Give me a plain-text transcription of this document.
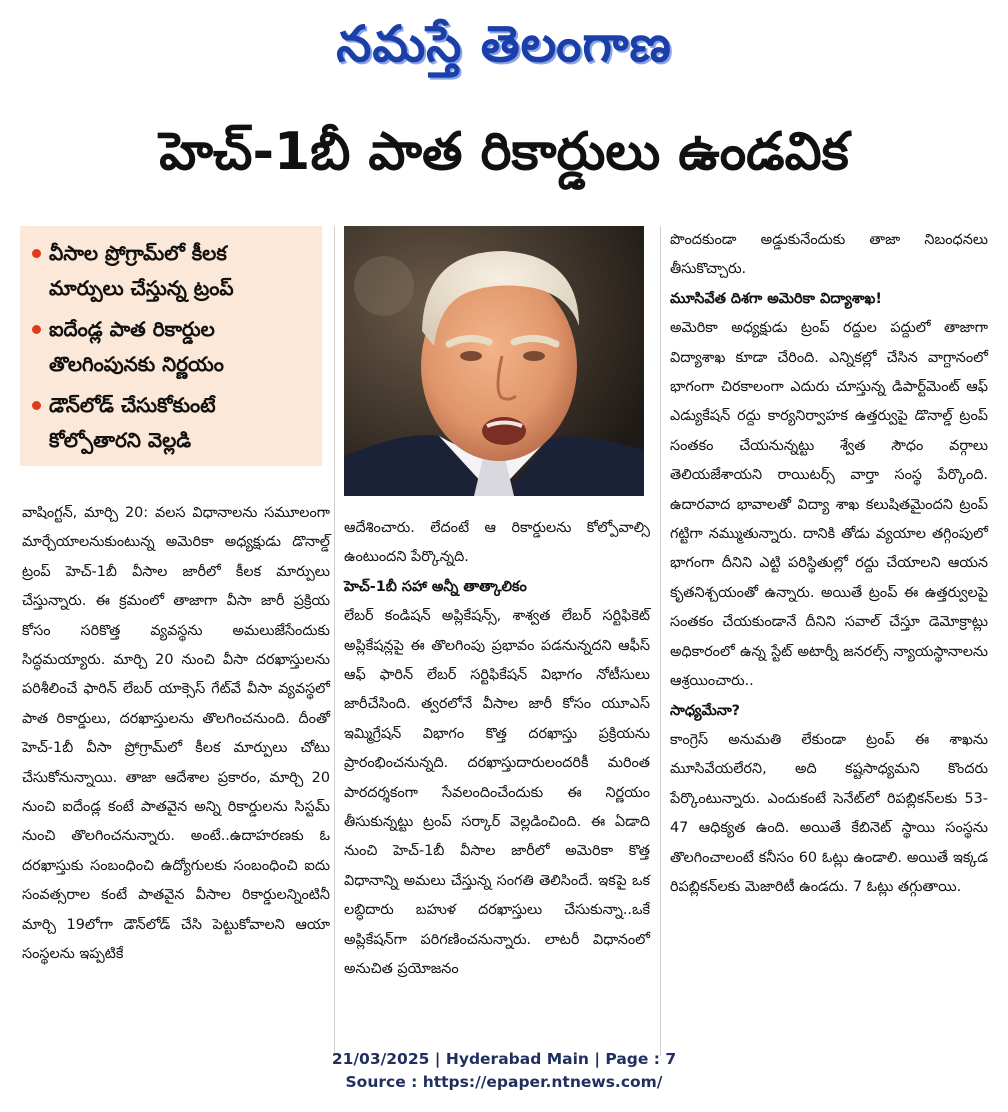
నమస్తే తెలంగాణ
హెచ్-1బీ పాత రికార్డులు ఉండవిక
వీసాల ప్రోగ్రామ్‌లో కీలక
మార్పులు చేస్తున్న ట్రంప్
ఐదేండ్ల పాత రికార్డుల
తొలగింపునకు నిర్ణయం
డౌన్‌లోడ్ చేసుకోకుంటే
కోల్పోతారని వెల్లడి
వాషింగ్టన్, మార్చి 20: వలస విధానాలను సమూలంగా మార్చేయాలనుకుంటున్న అమెరికా అధ్యక్షుడు డొనాల్డ్ ట్రంప్ హెచ్-1బీ వీసాల జారీలో కీలక మార్పులు చేస్తున్నారు. ఈ క్రమంలో తాజాగా వీసా జారీ ప్రక్రియ కోసం సరికొత్త వ్యవస్థను అమలుజేసేందుకు సిద్ధమయ్యారు. మార్చి 20 నుంచి వీసా దరఖాస్తులను పరిశీలించే ఫారిన్ లేబర్ యాక్సెస్ గేట్‌వే వీసా వ్యవస్థలో పాత రికార్డులు, దరఖాస్తులను తొలగించనుంది. దీంతో హెచ్-1బీ వీసా ప్రోగ్రామ్‌లో కీలక మార్పులు చోటు చేసుకోనున్నాయి. తాజా ఆదేశాల ప్రకారం, మార్చి 20 నుంచి ఐదేండ్ల కంటే పాతవైన అన్ని రికార్డులను సిస్టమ్ నుంచి తొలగించనున్నారు. అంటే..ఉదాహరణకు ఓ దరఖాస్తుకు సంబంధించి ఉద్యోగులకు సంబంధించి ఐదు సంవత్సరాల కంటే పాతవైన వీసాల రికార్డులన్నింటినీ మార్చి 19లోగా డౌన్‌లోడ్ చేసి పెట్టుకోవాలని ఆయా సంస్థలను ఇప్పటికే
ఆదేశించారు. లేదంటే ఆ రికార్డులను కోల్పోవాల్సి ఉంటుందని పేర్కొన్నది.
హెచ్-1బీ సహా అన్నీ తాత్కాలికం
లేబర్ కండిషన్ అప్లికేషన్స్, శాశ్వత లేబర్ సర్టిఫికెట్ అప్లికేషన్లపై ఈ తొలగింపు ప్రభావం పడనున్నదని ఆఫీస్ ఆఫ్ ఫారిన్ లేబర్ సర్టిఫికేషన్ విభాగం నోటీసులు జారీచేసింది. త్వరలోనే వీసాల జారీ కోసం యూఎస్ ఇమ్మిగ్రేషన్ విభాగం కొత్త దరఖాస్తు ప్రక్రియను ప్రారంభించనున్నది. దరఖాస్తుదారులందరికీ మరింత పారదర్శకంగా సేవలందించేందుకు ఈ నిర్ణయం తీసుకున్నట్టు ట్రంప్ సర్కార్ వెల్లడించింది. ఈ ఏడాది నుంచి హెచ్-1బీ వీసాల జారీలో అమెరికా కొత్త విధానాన్ని అమలు చేస్తున్న సంగతి తెలిసిందే. ఇకపై ఒక లబ్ధిదారు బహుళ దరఖాస్తులు చేసుకున్నా..ఒకే అప్లికేషన్‌గా పరిగణించనున్నారు. లాటరీ విధానంలో అనుచిత ప్రయోజనం
పొందకుండా అడ్డుకునేందుకు తాజా నిబంధనలు తీసుకొచ్చారు.
మూసివేత దిశగా అమెరికా విద్యాశాఖ!
అమెరికా అధ్యక్షుడు ట్రంప్ రద్దుల పద్దులో తాజాగా విద్యాశాఖ కూడా చేరింది. ఎన్నికల్లో చేసిన వాగ్దానంలో భాగంగా చిరకాలంగా ఎదురు చూస్తున్న డిపార్ట్‌మెంట్ ఆఫ్ ఎడ్యుకేషన్ రద్దు కార్యనిర్వాహక ఉత్తర్వుపై డొనాల్డ్ ట్రంప్ సంతకం చేయనున్నట్టు శ్వేత సౌధం వర్గాలు తెలియజేశాయని రాయిటర్స్ వార్తా సంస్థ పేర్కొంది. ఉదారవాద భావాలతో విద్యా శాఖ కలుషితమైందని ట్రంప్ గట్టిగా నమ్ముతున్నారు. దానికి తోడు వ్యయాల తగ్గింపులో భాగంగా దీనిని ఎట్టి పరిస్థితుల్లో రద్దు చేయాలని ఆయన కృతనిశ్చయంతో ఉన్నారు. అయితే ట్రంప్ ఈ ఉత్తర్వులపై సంతకం చేయకుండానే దీనిని సవాల్ చేస్తూ డెమోక్రాట్లు అధికారంలో ఉన్న స్టేట్ అటార్నీ జనరల్స్ న్యాయస్థానాలను ఆశ్రయించారు..
సాధ్యమేనా?
కాంగ్రెస్ అనుమతి లేకుండా ట్రంప్ ఈ శాఖను మూసివేయలేరని, అది కష్టసాధ్యమని కొందరు పేర్కొంటున్నారు. ఎందుకంటే సెనేట్‌లో రిపబ్లికన్‌లకు 53-47 ఆధిక్యత ఉంది. అయితే కేబినెట్ స్థాయి సంస్థను తొలగించాలంటే కనీసం 60 ఓట్లు ఉండాలి. అయితే ఇక్కడ రిపబ్లికన్‌లకు మెజారిటీ ఉండదు. 7 ఓట్లు తగ్గుతాయి.
21/03/2025 | Hyderabad Main | Page : 7
Source : https://epaper.ntnews.com/
